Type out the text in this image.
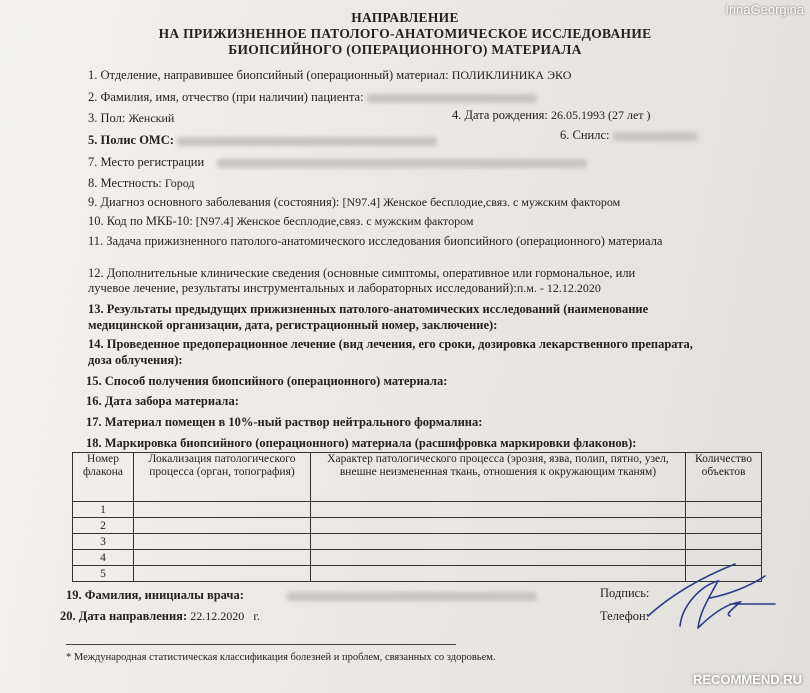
IrinaGeorgina
НАПРАВЛЕНИЕ
НА ПРИЖИЗНЕННОЕ ПАТОЛОГО-АНАТОМИЧЕСКОЕ ИССЛЕДОВАНИЕ
БИОПСИЙНОГО (ОПЕРАЦИОННОГО) МАТЕРИАЛА
1. Отделение, направившее биопсийный (операционный) материал: ПОЛИКЛИНИКА ЭКО
2. Фамилия, имя, отчество (при наличии) пациента:
3. Пол: Женский	4. Дата рождения: 26.05.1993 (27 лет )
5. Полис ОМС:	6. Снилс:
7. Место регистрации
8. Местность: Город
9. Диагноз основного заболевания (состояния): [N97.4] Женское бесплодие,связ. с мужским фактором
10. Код по МКБ-10: [N97.4] Женское бесплодие,связ. с мужским фактором
11. Задача прижизненного патолого-анатомического исследования биопсийного (операционного) материала
12. Дополнительные клинические сведения (основные симптомы, оперативное или гормональное, или
лучевое лечение, результаты инструментальных и лабораторных исследований):п.м. - 12.12.2020
13. Результаты предыдущих прижизненных патолого-анатомических исследований (наименование
медицинской организации, дата, регистрационный номер, заключение):
14. Проведенное предоперационное лечение (вид лечения, его сроки, дозировка лекарственного препарата,
доза облучения):
15. Способ получения биопсийного (операционного) материала:
16. Дата забора материала:
17. Материал помещен в 10%-ный раствор нейтрального формалина:
18. Маркировка биопсийного (операционного) материала (расшифровка маркировки флаконов):
Номер флакона	Локализация патологического процесса (орган, топография)	Характер патологического процесса (эрозия, язва, полип, пятно, узел, внешне неизмененная ткань, отношения к окружающим тканям)	Количество объектов
1			
2			
3			
4			
5			
19. Фамилия, инициалы врача:	Подпись:
20. Дата направления: 22.12.2020 г.	Телефон:
* Международная статистическая классификация болезней и проблем, связанных со здоровьем.
RECOMMEND.RU
